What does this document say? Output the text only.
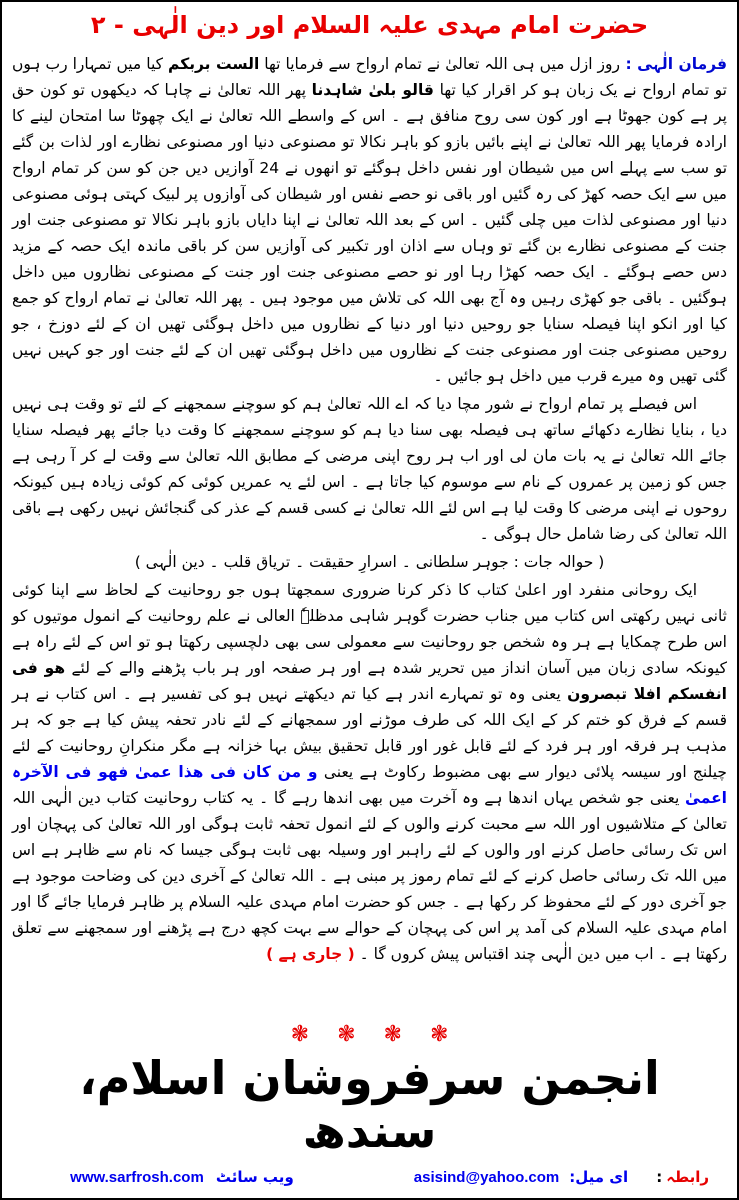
حضرت امام مہدی علیہ السلام اور دین الٰہی - ۲

فرمان الٰہی : روز ازل میں ہی اللہ تعالیٰ نے تمام ارواح سے فرمایا تھا الست بربکم کیا میں تمہارا رب ہوں تو تمام ارواح نے یک زبان ہو کر اقرار کیا تھا قالو بلیٰ شاہدنا پھر اللہ تعالیٰ نے چاہا کہ دیکھوں تو کون حق پر ہے کون جھوٹا ہے اور کون سی روح منافق ہے ۔ اس کے واسطے اللہ تعالیٰ نے ایک چھوٹا سا امتحان لینے کا ارادہ فرمایا پھر اللہ تعالیٰ نے اپنے بائیں بازو کو باہر نکالا تو مصنوعی دنیا اور مصنوعی نظارے اور لذات بن گئے تو سب سے پہلے اس میں شیطان اور نفس داخل ہوگئے تو انھوں نے 24 آوازیں دیں جن کو سن کر تمام ارواح میں سے ایک حصہ کھڑ کی رہ گئیں اور باقی نو حصے نفس اور شیطان کی آوازوں پر لبیک کہتی ہوئی مصنوعی دنیا اور مصنوعی لذات میں چلی گئیں ۔ اس کے بعد اللہ تعالیٰ نے اپنا دایاں بازو باہر نکالا تو مصنوعی جنت اور جنت کے مصنوعی نظارے بن گئے تو وہاں سے اذان اور تکبیر کی آوازیں سن کر باقی ماندہ ایک حصہ کے مزید دس حصے ہوگئے ۔ ایک حصہ کھڑا رہا اور نو حصے مصنوعی جنت اور جنت کے مصنوعی نظاروں میں داخل ہوگئیں ۔ باقی جو کھڑی رہیں وہ آج بھی اللہ کی تلاش میں موجود ہیں ۔ پھر اللہ تعالیٰ نے تمام ارواح کو جمع کیا اور انکو اپنا فیصلہ سنایا جو روحیں دنیا اور دنیا کے نظاروں میں داخل ہوگئی تھیں ان کے لئے دوزخ ، جو روحیں مصنوعی جنت اور مصنوعی جنت کے نظاروں میں داخل ہوگئی تھیں ان کے لئے جنت اور جو کہیں نہیں گئی تھیں وہ میرے قرب میں داخل ہو جائیں ۔

اس فیصلے پر تمام ارواح نے شور مچا دیا کہ اے اللہ تعالیٰ ہم کو سوچنے سمجھنے کے لئے تو وقت ہی نہیں دیا ، بنایا نظارے دکھائے ساتھ ہی فیصلہ بھی سنا دیا ہم کو سوچنے سمجھنے کا وقت دیا جائے پھر فیصلہ سنایا جائے اللہ تعالیٰ نے یہ بات مان لی اور اب ہر روح اپنی مرضی کے مطابق اللہ تعالیٰ سے وقت لے کر آ رہی ہے جس کو زمین پر عمروں کے نام سے موسوم کیا جاتا ہے ۔ اس لئے یہ عمریں کوئی کم کوئی زیادہ ہیں کیونکہ روحوں نے اپنی مرضی کا وقت لیا ہے اس لئے اللہ تعالیٰ نے کسی قسم کے عذر کی گنجائش نہیں رکھی ہے باقی اللہ تعالیٰ کی رضا شامل حال ہوگی ۔

( حوالہ جات : جوہر سلطانی ۔ اسرارِ حقیقت ۔ تریاق قلب ۔ دین الٰہی )

ایک روحانی منفرد اور اعلیٰ کتاب کا ذکر کرنا ضروری سمجھتا ہوں جو روحانیت کے لحاظ سے اپنا کوئی ثانی نہیں رکھتی اس کتاب میں جناب حضرت گوہر شاہی مدظلہٗ العالی نے علم روحانیت کے انمول موتیوں کو اس طرح چمکایا ہے ہر وہ شخص جو روحانیت سے معمولی سی بھی دلچسپی رکھتا ہو تو اس کے لئے راہ ہے کیونکہ سادی زبان میں آسان انداز میں تحریر شدہ ہے اور ہر صفحہ اور ہر باب پڑھنے والے کے لئے ھو فی انفسکم افلا تبصرون یعنی وہ تو تمہارے اندر ہے کیا تم دیکھتے نہیں ہو کی تفسیر ہے ۔ اس کتاب نے ہر قسم کے فرق کو ختم کر کے ایک اللہ کی طرف موڑنے اور سمجھانے کے لئے نادر تحفہ پیش کیا ہے جو کہ ہر مذہب ہر فرقہ اور ہر فرد کے لئے قابل غور اور قابل تحقیق بیش بہا خزانہ ہے مگر منکرانِ روحانیت کے لئے چیلنج اور سیسہ پلائی دیوار سے بھی مضبوط رکاوٹ ہے یعنی و من کان فی ھذا عمیٰ فھو فی الآخرہ اعمیٰ یعنی جو شخص یہاں اندھا ہے وہ آخرت میں بھی اندھا رہے گا ۔ یہ کتاب روحانیت کتاب دین الٰہی اللہ تعالیٰ کے متلاشیوں اور اللہ سے محبت کرنے والوں کے لئے انمول تحفہ ثابت ہوگی اور اللہ تعالیٰ کی پہچان اور اس تک رسائی حاصل کرنے اور والوں کے لئے راہبر اور وسیلہ بھی ثابت ہوگی جیسا کہ نام سے ظاہر ہے اس میں اللہ تک رسائی حاصل کرنے کے لئے تمام رموز پر مبنی ہے ۔ اللہ تعالیٰ کے آخری دین کی وضاحت موجود ہے جو آخری دور کے لئے محفوظ کر رکھا ہے ۔ جس کو حضرت امام مہدی علیہ السلام پر ظاہر فرمایا جائے گا اور امام مہدی علیہ السلام کی آمد پر اس کی پہچان کے حوالے سے بہت کچھ درج ہے پڑھنے اور سمجھنے سے تعلق رکھتا ہے ۔ اب میں دین الٰہی چند اقتباس پیش کروں گا ۔ ( جاری ہے )

❃ ❃ ❃ ❃
انجمن سرفروشان اسلام، سندھ
رابطہ
:
ای میل:
asisind@yahoo.com
ویب سائٹ
www.sarfrosh.com
